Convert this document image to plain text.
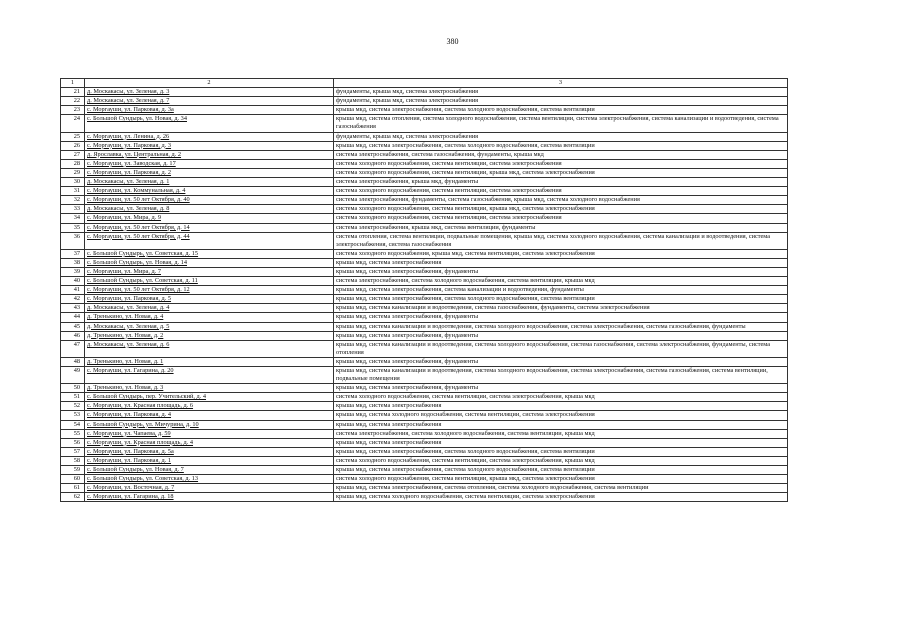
380
1	2	3
21	д. Москакасы, ул. Зеленая, д. 3	фундаменты, крыша мкд, система электроснабжения
22	д. Москакасы, ул. Зеленая, д. 7	фундаменты, крыша мкд, система электроснабжения
23	с. Моргауши, ул. Парковая, д. 3а	крыша мкд, система электроснабжения, система холодного водоснабжения, система вентиляции
24	с. Большой Сундырь, ул. Новая, д. 34	крыша мкд, система отопления, система холодного водоснабжения, система вентиляции, система электроснабжения, система канализации и водоотведения, система газоснабжения
25	с. Моргауши, ул. Ленина, д. 26	фундаменты, крыша мкд, система электроснабжения
26	с. Моргауши, ул. Парковая, д. 3	крыша мкд, система электроснабжения, система холодного водоснабжения, система вентиляции
27	д. Ярославка, ул. Центральная, д. 2	система электроснабжения, система газоснабжения, фундаменты, крыша мкд
28	с. Моргауши, ул. Заводская, д. 17	система холодного водоснабжения, система вентиляции, система электроснабжения
29	с. Моргауши, ул. Парковая, д. 2	система холодного водоснабжения, система вентиляции, крыша мкд, система электроснабжения
30	д. Москакасы, ул. Зеленая, д. 1	система электроснабжения, крыша мкд, фундаменты
31	с. Моргауши, ул. Коммунальная, д. 4	система холодного водоснабжения, система вентиляции, система электроснабжения
32	с. Моргауши, ул. 50 лет Октября, д. 40	система электроснабжения, фундаменты, система газоснабжения, крыша мкд, система холодного водоснабжения
33	д. Москакасы, ул. Зеленая, д. 8	система холодного водоснабжения, система вентиляции, крыша мкд, система электроснабжения
34	с. Моргауши, ул. Мира, д. 9	система холодного водоснабжения, система вентиляции, система электроснабжения
35	с. Моргауши, ул. 50 лет Октября, д. 14	система электроснабжения, крыша мкд, система вентиляции, фундаменты
36	с. Моргауши, ул. 50 лет Октября, д. 44	система отопления, система вентиляции, подвальные помещения, крыша мкд, система холодного водоснабжения, система канализации и водоотведения, система электроснабжения, система газоснабжения
37	с. Большой Сундырь, ул. Советская, д. 15	система холодного водоснабжения, крыша мкд, система вентиляции, система электроснабжения
38	с. Большой Сундырь, ул. Новая, д. 14	крыша мкд, система электроснабжения
39	с. Моргауши, ул. Мира, д. 7	крыша мкд, система электроснабжения, фундаменты
40	с. Большой Сундырь, ул. Советская, д. 11	система электроснабжения, система холодного водоснабжения, система вентиляции, крыша мкд
41	с. Моргауши, ул. 50 лет Октября, д. 12	крыша мкд, система электроснабжения, система канализации и водоотведения, фундаменты
42	с. Моргауши, ул. Парковая, д. 5	крыша мкд, система электроснабжения, система холодного водоснабжения, система вентиляции
43	д. Москакасы, ул. Зеленая, д. 4	крыша мкд, система канализации и водоотведения, система газоснабжения, фундаменты, система электроснабжения
44	д. Тренькино, ул. Новая, д. 4	крыша мкд, система электроснабжения, фундаменты
45	д. Москакасы, ул. Зеленая, д. 5	крыша мкд, система канализации и водоотведения, система холодного водоснабжения, система электроснабжения, система газоснабжения, фундаменты
46	д. Тренькино, ул. Новая, д. 2	крыша мкд, система электроснабжения, фундаменты
47	д. Москакасы, ул. Зеленая, д. 6	крыша мкд, система канализации и водоотведения, система холодного водоснабжения, система газоснабжения, система электроснабжения, фундаменты, система отопления
48	д. Тренькино, ул. Новая, д. 1	крыша мкд, система электроснабжения, фундаменты
49	с. Моргауши, ул. Гагарина, д. 20	крыша мкд, система канализации и водоотведения, система холодного водоснабжения, система электроснабжения, система газоснабжения, система вентиляции, подвальные помещения
50	д. Тренькино, ул. Новая, д. 3	крыша мкд, система электроснабжения, фундаменты
51	с. Большой Сундырь, пер. Учительский, д. 4	система холодного водоснабжения, система вентиляции, система электроснабжения, крыша мкд
52	с. Моргауши, ул. Красная площадь, д. 6	крыша мкд, система электроснабжения
53	с. Моргауши, ул. Парковая, д. 4	крыша мкд, система холодного водоснабжения, система вентиляции, система электроснабжения
54	с. Большой Сундырь, ул. Мичурина, д. 10	крыша мкд, система электроснабжения
55	с. Моргауши, ул. Чапаева, д. 59	система электроснабжения, система холодного водоснабжения, система вентиляции, крыша мкд
56	с. Моргауши, ул. Красная площадь, д. 4	крыша мкд, система электроснабжения
57	с. Моргауши, ул. Парковая, д. 5а	крыша мкд, система электроснабжения, система холодного водоснабжения, система вентиляции
58	с. Моргауши, ул. Парковая, д. 1	система холодного водоснабжения, система вентиляции, система электроснабжения, крыша мкд
59	с. Большой Сундырь, ул. Новая, д. 7	крыша мкд, система электроснабжения, система холодного водоснабжения, система вентиляции
60	с. Большой Сундырь, ул. Советская, д. 13	система холодного водоснабжения, система вентиляции, крыша мкд, система электроснабжения
61	с. Моргауши, ул. Восточная, д. 7	крыша мкд, система электроснабжения, система отопления, система холодного водоснабжения, система вентиляции
62	с. Моргауши, ул. Гагарина, д. 18	крыша мкд, система холодного водоснабжения, система вентиляции, система электроснабжения
